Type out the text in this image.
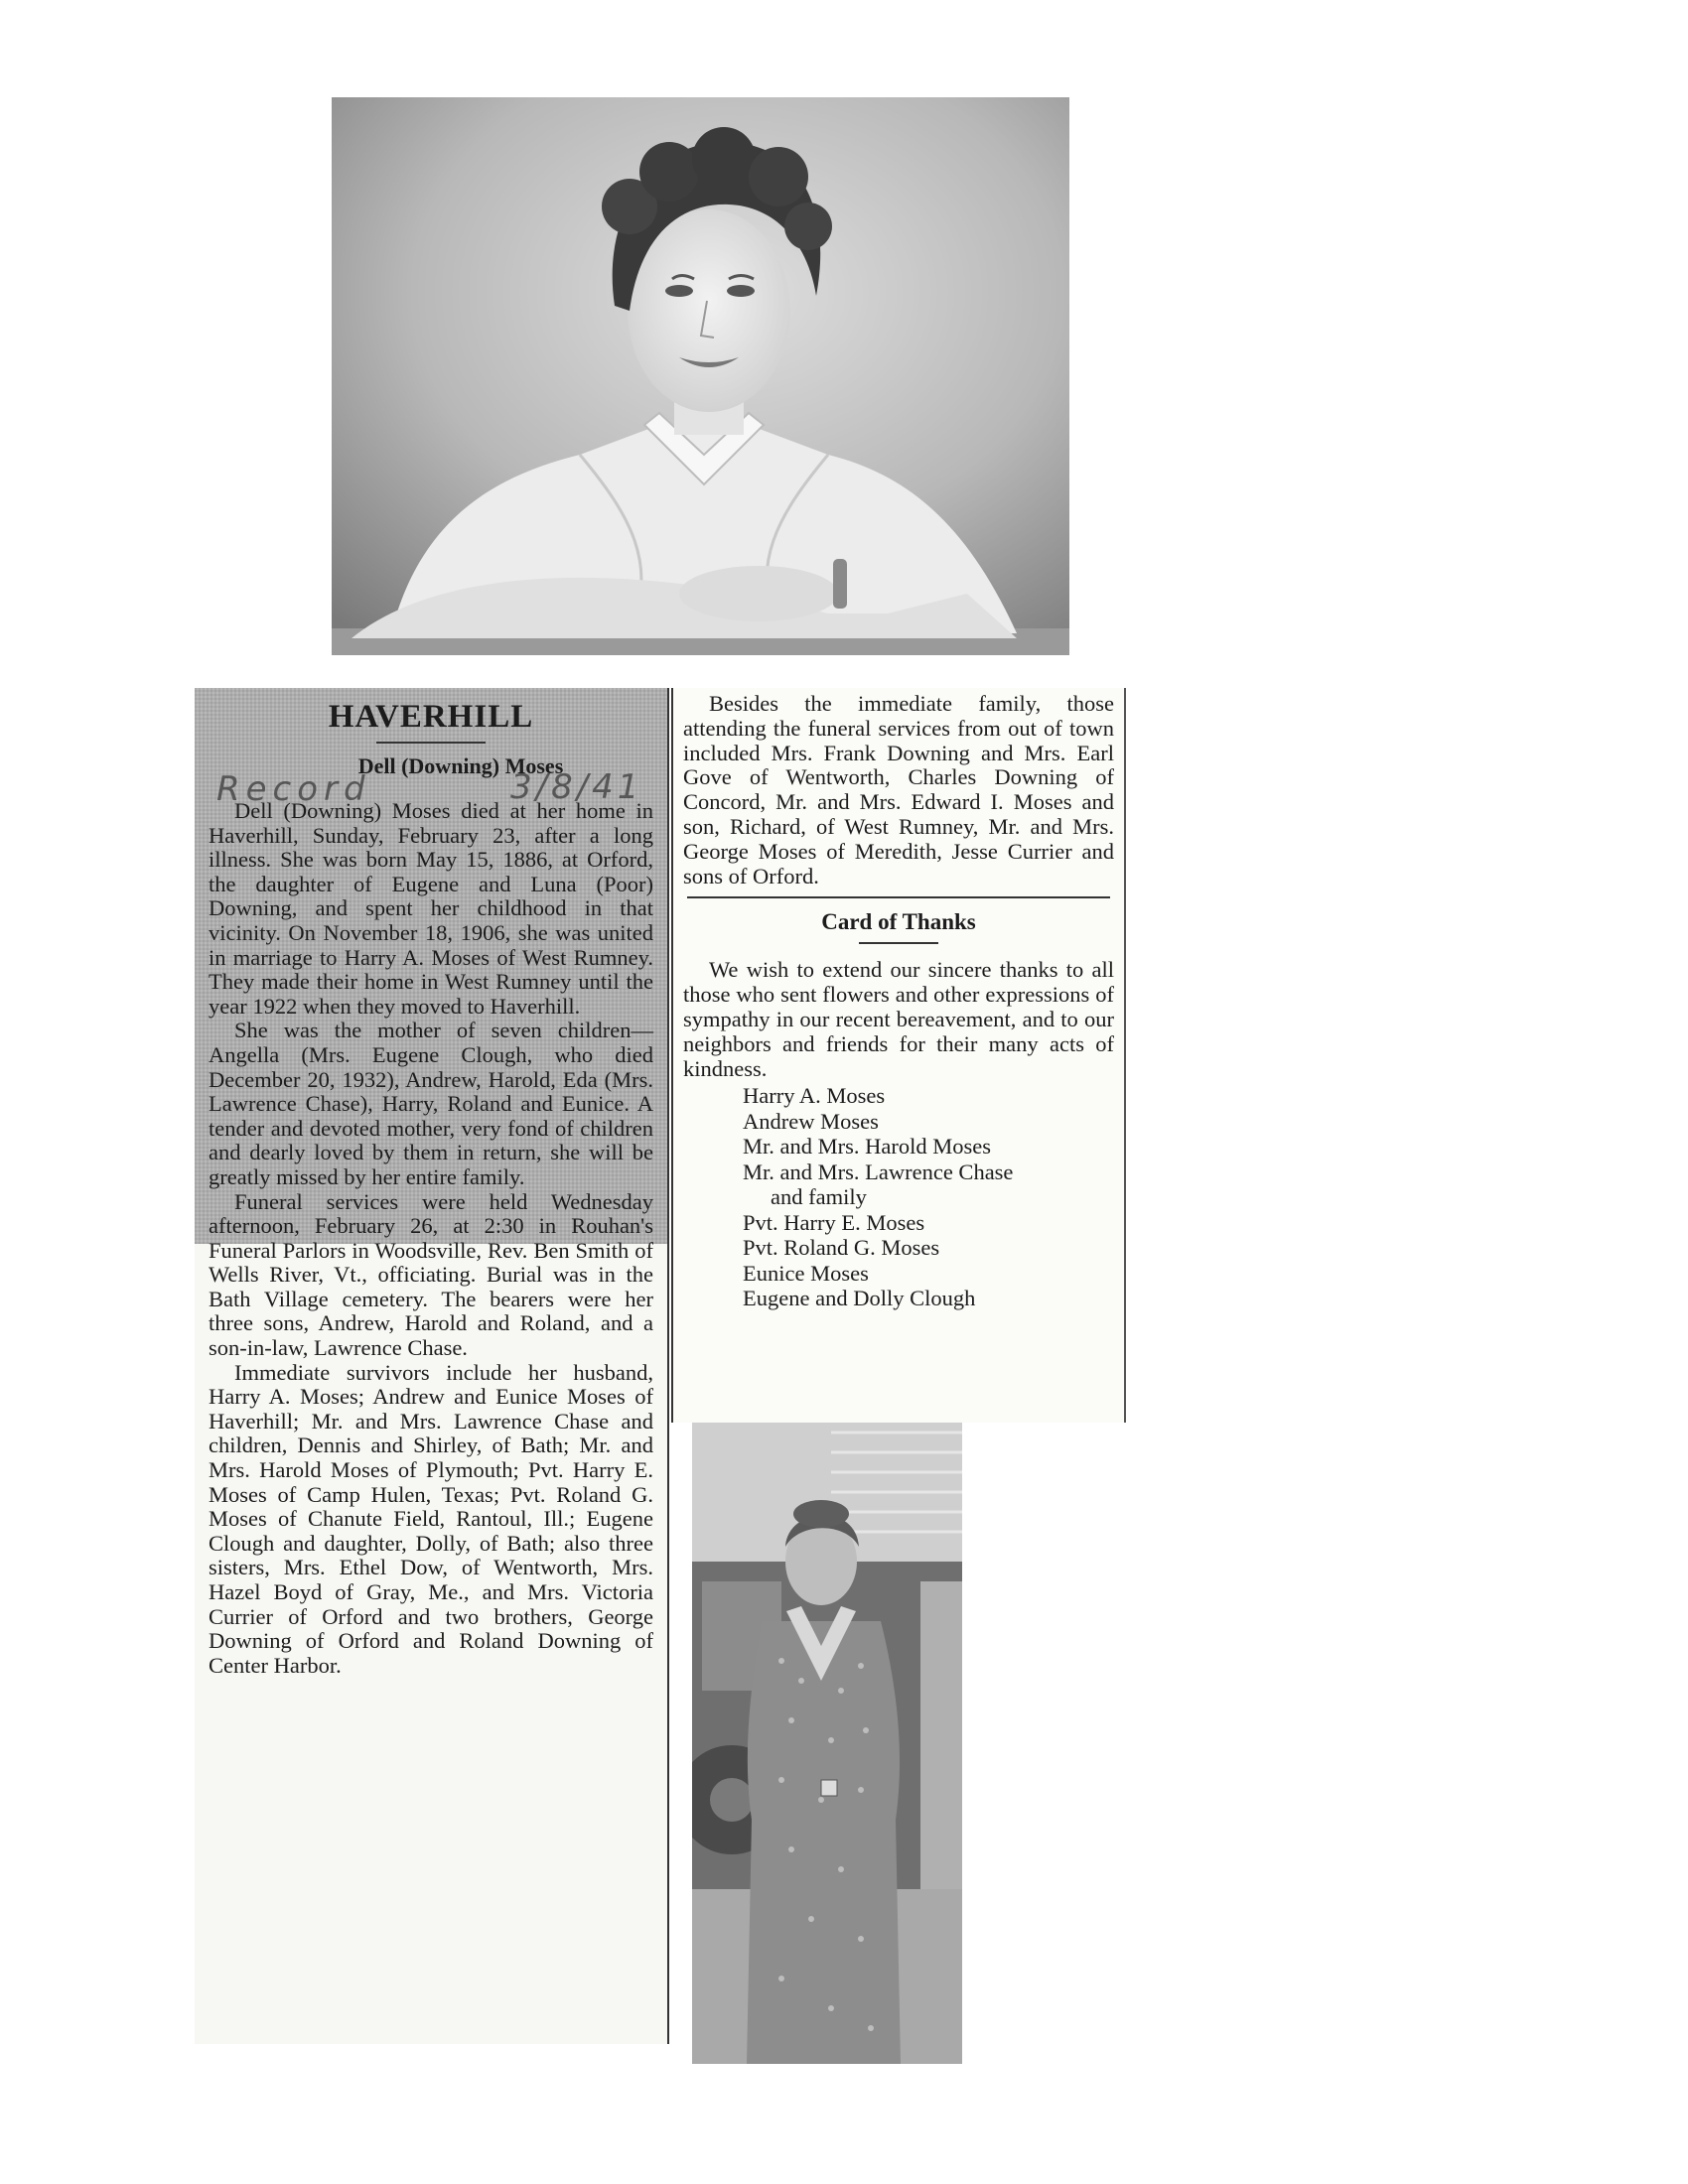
HAVERHILL
Dell (Downing) Moses
Record	3/8/41

Dell (Downing) Moses died at her home in Haverhill, Sunday, February 23, after a long illness. She was born May 15, 1886, at Orford, the daughter of Eugene and Luna (Poor) Downing, and spent her childhood in that vicinity. On November 18, 1906, she was united in marriage to Harry A. Moses of West Rumney. They made their home in West Rumney until the year 1922 when they moved to Haverhill.

She was the mother of seven children—Angella (Mrs. Eugene Clough, who died December 20, 1932), Andrew, Harold, Eda (Mrs. Lawrence Chase), Harry, Roland and Eunice. A tender and devoted mother, very fond of children and dearly loved by them in return, she will be greatly missed by her entire family.

Funeral services were held Wednesday afternoon, February 26, at 2:30 in Rouhan's Funeral Parlors in Woodsville, Rev. Ben Smith of Wells River, Vt., officiating. Burial was in the Bath Village cemetery. The bearers were her three sons, Andrew, Harold and Roland, and a son-in-law, Lawrence Chase.

Immediate survivors include her husband, Harry A. Moses; Andrew and Eunice Moses of Haverhill; Mr. and Mrs. Lawrence Chase and children, Dennis and Shirley, of Bath; Mr. and Mrs. Harold Moses of Plymouth; Pvt. Harry E. Moses of Camp Hulen, Texas; Pvt. Roland G. Moses of Chanute Field, Rantoul, Ill.; Eugene Clough and daughter, Dolly, of Bath; also three sisters, Mrs. Ethel Dow, of Wentworth, Mrs. Hazel Boyd of Gray, Me., and Mrs. Victoria Currier of Orford and two brothers, George Downing of Orford and Roland Downing of Center Harbor.

Besides the immediate family, those attending the funeral services from out of town included Mrs. Frank Downing and Mrs. Earl Gove of Wentworth, Charles Downing of Concord, Mr. and Mrs. Edward I. Moses and son, Richard, of West Rumney, Mr. and Mrs. George Moses of Meredith, Jesse Currier and sons of Orford.

Card of Thanks

We wish to extend our sincere thanks to all those who sent flowers and other expressions of sympathy in our recent bereavement, and to our neighbors and friends for their many acts of kindness.

Harry A. Moses
Andrew Moses
Mr. and Mrs. Harold Moses
Mr. and Mrs. Lawrence Chase
and family
Pvt. Harry E. Moses
Pvt. Roland G. Moses
Eunice Moses
Eugene and Dolly Clough
